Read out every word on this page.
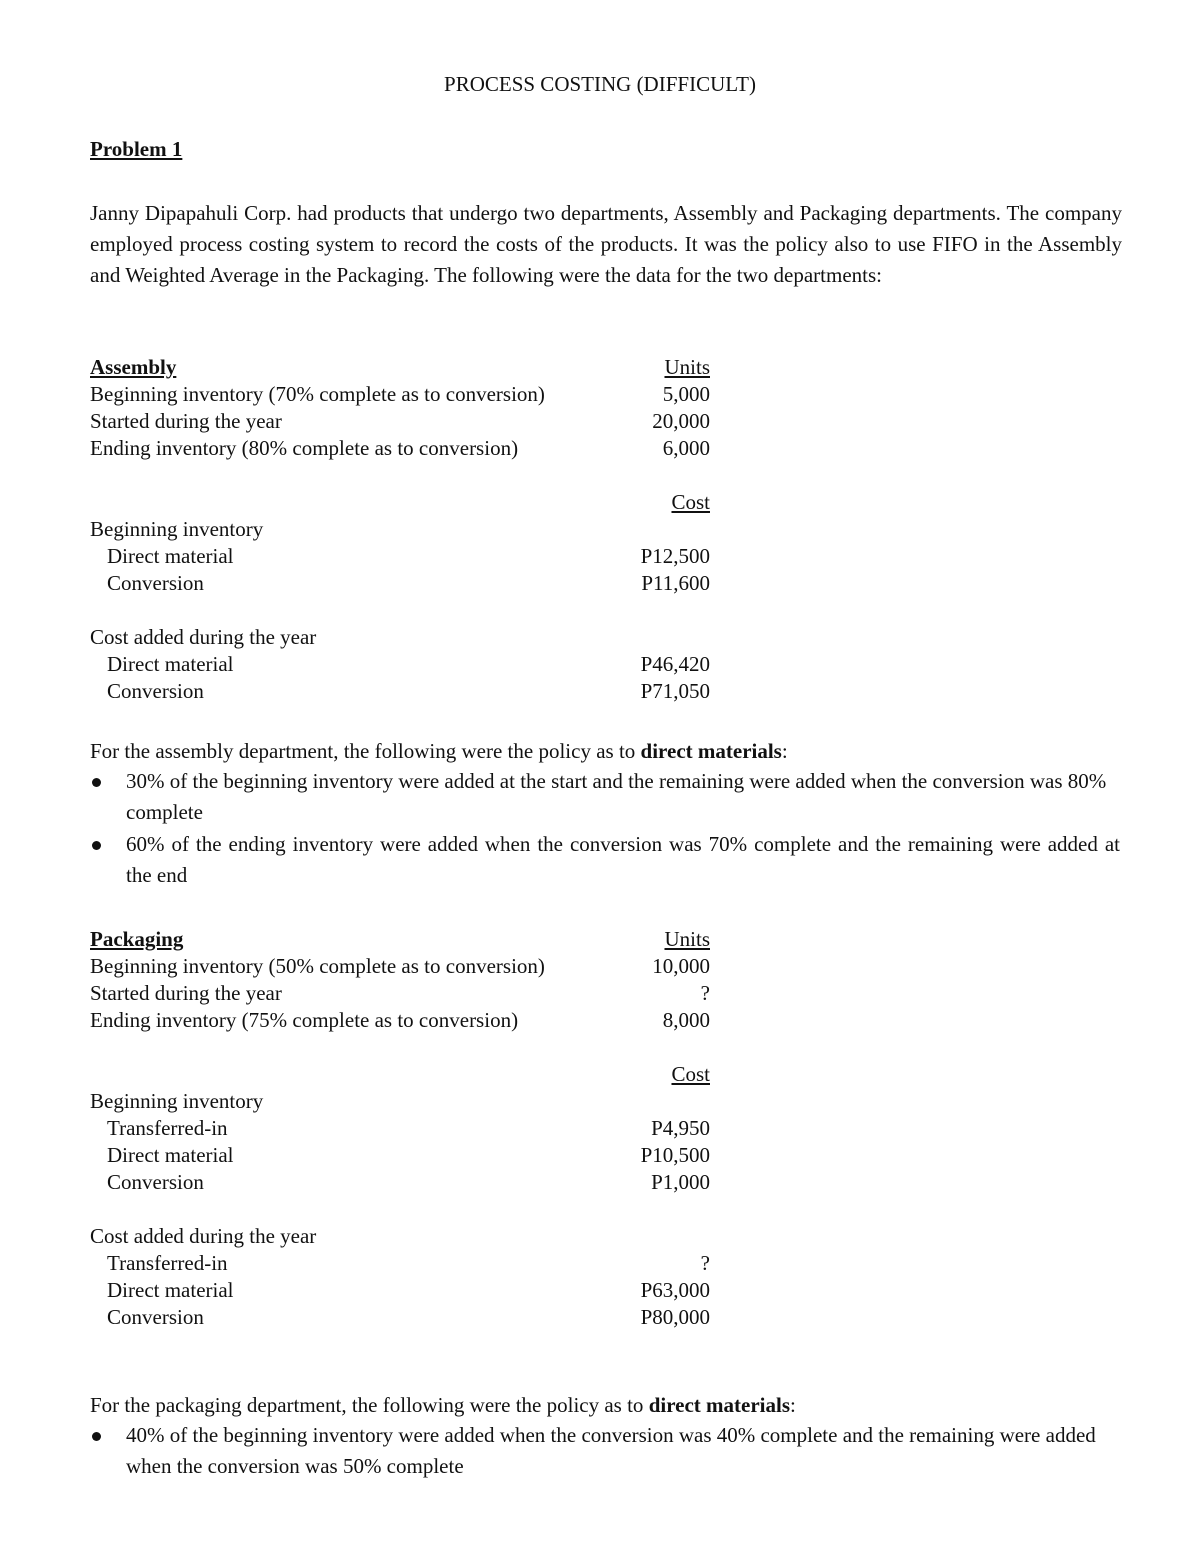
PROCESS COSTING (DIFFICULT)
Problem 1

Janny Dipapahuli Corp. had products that undergo two departments, Assembly and Packaging departments. The company employed process costing system to record the costs of the products. It was the policy also to use FIFO in the Assembly and Weighted Average in the Packaging. The following were the data for the two departments:

Assembly	Units
Beginning inventory (70% complete as to conversion)	5,000
Started during the year	20,000
Ending inventory (80% complete as to conversion)	6,000
Cost
Beginning inventory
Direct material	P12,500
Conversion	P11,600
Cost added during the year
Direct material	P46,420
Conversion	P71,050
For the assembly department, the following were the policy as to direct materials:
30% of the beginning inventory were added at the start and the remaining were added when the conversion was 80% complete
60% of the ending inventory were added when the conversion was 70% complete and the remaining were added at the end
Packaging	Units
Beginning inventory (50% complete as to conversion)	10,000
Started during the year	?
Ending inventory (75% complete as to conversion)	8,000
Cost
Beginning inventory
Transferred-in	P4,950
Direct material	P10,500
Conversion	P1,000
Cost added during the year
Transferred-in	?
Direct material	P63,000
Conversion	P80,000
For the packaging department, the following were the policy as to direct materials:
40% of the beginning inventory were added when the conversion was 40% complete and the remaining were added when the conversion was 50% complete
